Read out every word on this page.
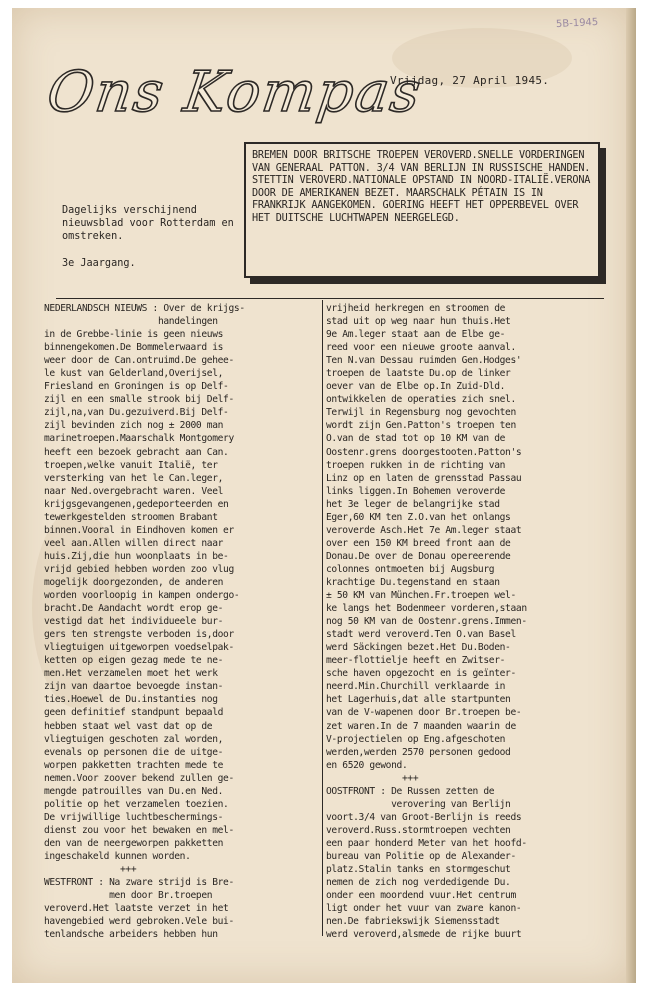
5B-1945
Ons Kompas
Vrijdag, 27 April 1945.
BREMEN DOOR BRITSCHE TROEPEN VEROVERD.SNELLE VORDERINGEN VAN GENERAAL PATTON. 3/4 VAN BERLIJN IN RUSSISCHE HANDEN. STETTIN VEROVERD.NATIONALE OPSTAND IN NOORD-ITALIË.VERONA DOOR DE AMERIKANEN BEZET. MAARSCHALK PÉTAIN IS IN FRANKRIJK AANGEKOMEN. GOERING HEEFT HET OPPERBEVEL OVER HET DUITSCHE LUCHTWAPEN NEERGELEGD.
Dagelijks verschijnend nieuwsblad voor Rotterdam en omstreken.
3e Jaargang.
NEDERLANDSCH NIEUWS : Over de krijgs-
handelingen
in de Grebbe-linie is geen nieuws
binnengekomen.De Bommelerwaard is
weer door de Can.ontruimd.De gehee-
le kust van Gelderland,Overijsel,
Friesland en Groningen is op Delf-
zijl en een smalle strook bij Delf-
zijl,na,van Du.gezuiverd.Bij Delf-
zijl bevinden zich nog ± 2000 man
marinetroepen.Maarschalk Montgomery
heeft een bezoek gebracht aan Can.
troepen,welke vanuit Italië, ter
versterking van het le Can.leger,
naar Ned.overgebracht waren. Veel
krijgsgevangenen,gedeporteerden en
tewerkgestelden stroomen Brabant
binnen.Vooral in Eindhoven komen er
veel aan.Allen willen direct naar
huis.Zij,die hun woonplaats in be-
vrijd gebied hebben worden zoo vlug
mogelijk doorgezonden, de anderen
worden voorloopig in kampen ondergo-
bracht.De Aandacht wordt erop ge-
vestigd dat het individueele bur-
gers ten strengste verboden is,door
vliegtuigen uitgeworpen voedselpak-
ketten op eigen gezag mede te ne-
men.Het verzamelen moet het werk
zijn van daartoe bevoegde instan-
ties.Hoewel de Du.instanties nog
geen definitief standpunt bepaald
hebben staat wel vast dat op de
vliegtuigen geschoten zal worden,
evenals op personen die de uitge-
worpen pakketten trachten mede te
nemen.Voor zoover bekend zullen ge-
mengde patrouilles van Du.en Ned.
politie op het verzamelen toezien.
De vrijwillige luchtbeschermings-
dienst zou voor het bewaken en mel-
den van de neergeworpen pakketten
ingeschakeld kunnen worden.
+++
WESTFRONT : Na zware strijd is Bre-
men door Br.troepen
veroverd.Het laatste verzet in het
havengebied werd gebroken.Vele bui-
tenlandsche arbeiders hebben hun
vrijheid herkregen en stroomen de
stad uit op weg naar hun thuis.Het
9e Am.leger staat aan de Elbe ge-
reed voor een nieuwe groote aanval.
Ten N.van Dessau ruimden Gen.Hodges'
troepen de laatste Du.op de linker
oever van de Elbe op.In Zuid-Dld.
ontwikkelen de operaties zich snel.
Terwijl in Regensburg nog gevochten
wordt zijn Gen.Patton's troepen ten
O.van de stad tot op 10 KM van de
Oostenr.grens doorgestooten.Patton's
troepen rukken in de richting van
Linz op en laten de grensstad Passau
links liggen.In Bohemen veroverde
het 3e leger de belangrijke stad
Eger,60 KM ten Z.O.van het onlangs
veroverde Asch.Het 7e Am.leger staat
over een 150 KM breed front aan de
Donau.De over de Donau opereerende
colonnes ontmoeten bij Augsburg
krachtige Du.tegenstand en staan
± 50 KM van München.Fr.troepen wel-
ke langs het Bodenmeer vorderen,staan
nog 50 KM van de Oostenr.grens.Immen-
stadt werd veroverd.Ten O.van Basel
werd Säckingen bezet.Het Du.Boden-
meer-flottielje heeft en Zwitser-
sche haven opgezocht en is geïnter-
neerd.Min.Churchill verklaarde in
het Lagerhuis,dat alle startpunten
van de V-wapenen door Br.troepen be-
zet waren.In de 7 maanden waarin de
V-projectielen op Eng.afgeschoten
werden,werden 2570 personen gedood
en 6520 gewond.
+++
OOSTFRONT : De Russen zetten de
verovering van Berlijn
voort.3/4 van Groot-Berlijn is reeds
veroverd.Russ.stormtroepen vechten
een paar honderd Meter van het hoofd-
bureau van Politie op de Alexander-
platz.Stalin tanks en stormgeschut
nemen de zich nog verdedigende Du.
onder een moordend vuur.Het centrum
ligt onder het vuur van zware kanon-
nen.De fabriekswijk Siemensstadt
werd veroverd,alsmede de rijke buurt
